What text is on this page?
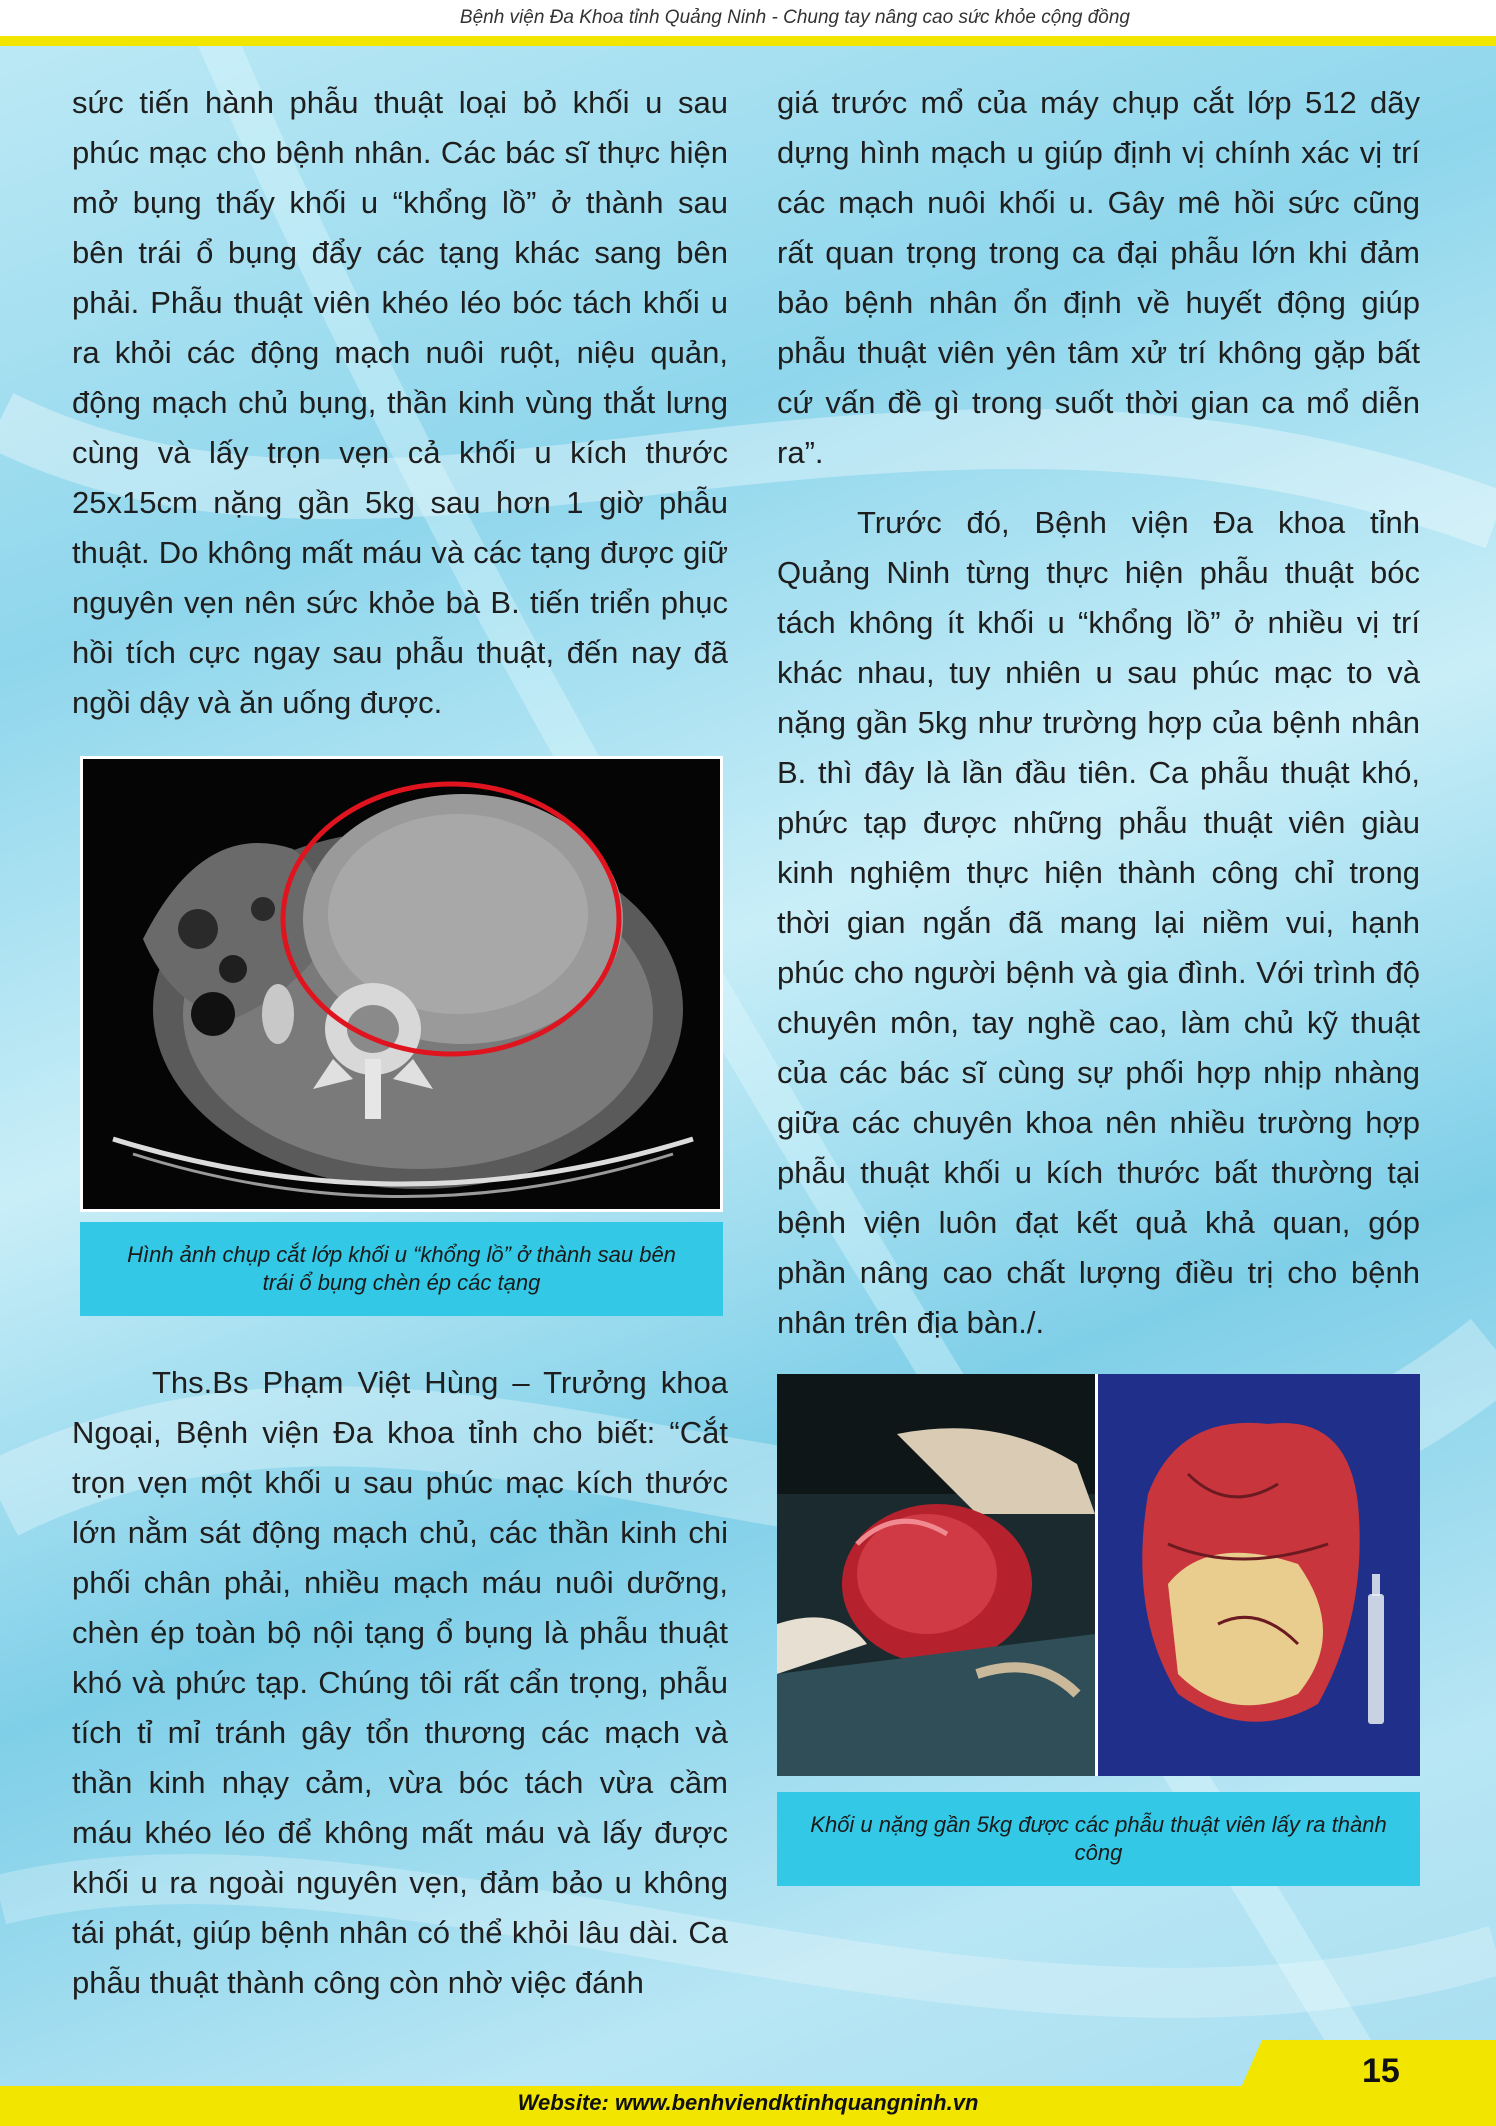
Bệnh viện Đa Khoa tỉnh Quảng Ninh - Chung tay nâng cao sức khỏe cộng đồng

sức tiến hành phẫu thuật loại bỏ khối u sau phúc mạc cho bệnh nhân. Các bác sĩ thực hiện mở bụng thấy khối u “khổng lồ” ở thành sau bên trái ổ bụng đẩy các tạng khác sang bên phải. Phẫu thuật viên khéo léo bóc tách khối u ra khỏi các động mạch nuôi ruột, niệu quản, động mạch chủ bụng, thần kinh vùng thắt lưng cùng và lấy trọn vẹn cả khối u kích thước 25x15cm nặng gần 5kg sau hơn 1 giờ phẫu thuật. Do không mất máu và các tạng được giữ nguyên vẹn nên sức khỏe bà B. tiến triển phục hồi tích cực ngay sau phẫu thuật, đến nay đã ngồi dậy và ăn uống được.

Hình ảnh chụp cắt lớp khối u “khổng lồ” ở thành sau bên trái ổ bụng chèn ép các tạng

Ths.Bs Phạm Việt Hùng – Trưởng khoa Ngoại, Bệnh viện Đa khoa tỉnh cho biết: “Cắt trọn vẹn một khối u sau phúc mạc kích thước lớn nằm sát động mạch chủ, các thần kinh chi phối chân phải, nhiều mạch máu nuôi dưỡng, chèn ép toàn bộ nội tạng ổ bụng là phẫu thuật khó và phức tạp. Chúng tôi rất cẩn trọng, phẫu tích tỉ mỉ tránh gây tổn thương các mạch và thần kinh nhạy cảm, vừa bóc tách vừa cầm máu khéo léo để không mất máu và lấy được khối u ra ngoài nguyên vẹn, đảm bảo u không tái phát, giúp bệnh nhân có thể khỏi lâu dài. Ca phẫu thuật thành công còn nhờ việc đánh

giá trước mổ của máy chụp cắt lớp 512 dãy dựng hình mạch u giúp định vị chính xác vị trí các mạch nuôi khối u. Gây mê hồi sức cũng rất quan trọng trong ca đại phẫu lớn khi đảm bảo bệnh nhân ổn định về huyết động giúp phẫu thuật viên yên tâm xử trí không gặp bất cứ vấn đề gì trong suốt thời gian ca mổ diễn ra”.

Trước đó, Bệnh viện Đa khoa tỉnh Quảng Ninh từng thực hiện phẫu thuật bóc tách không ít khối u “khổng lồ” ở nhiều vị trí khác nhau, tuy nhiên u sau phúc mạc to và nặng gần 5kg như trường hợp của bệnh nhân B. thì đây là lần đầu tiên. Ca phẫu thuật khó, phức tạp được những phẫu thuật viên giàu kinh nghiệm thực hiện thành công chỉ trong thời gian ngắn đã mang lại niềm vui, hạnh phúc cho người bệnh và gia đình. Với trình độ chuyên môn, tay nghề cao, làm chủ kỹ thuật của các bác sĩ cùng sự phối hợp nhịp nhàng giữa các chuyên khoa nên nhiều trường hợp phẫu thuật khối u kích thước bất thường tại bệnh viện luôn đạt kết quả khả quan, góp phần nâng cao chất lượng điều trị cho bệnh nhân trên địa bàn./.

Khối u nặng gần 5kg được các phẫu thuật viên lấy ra thành công
15
Website: www.benhviendktinhquangninh.vn
